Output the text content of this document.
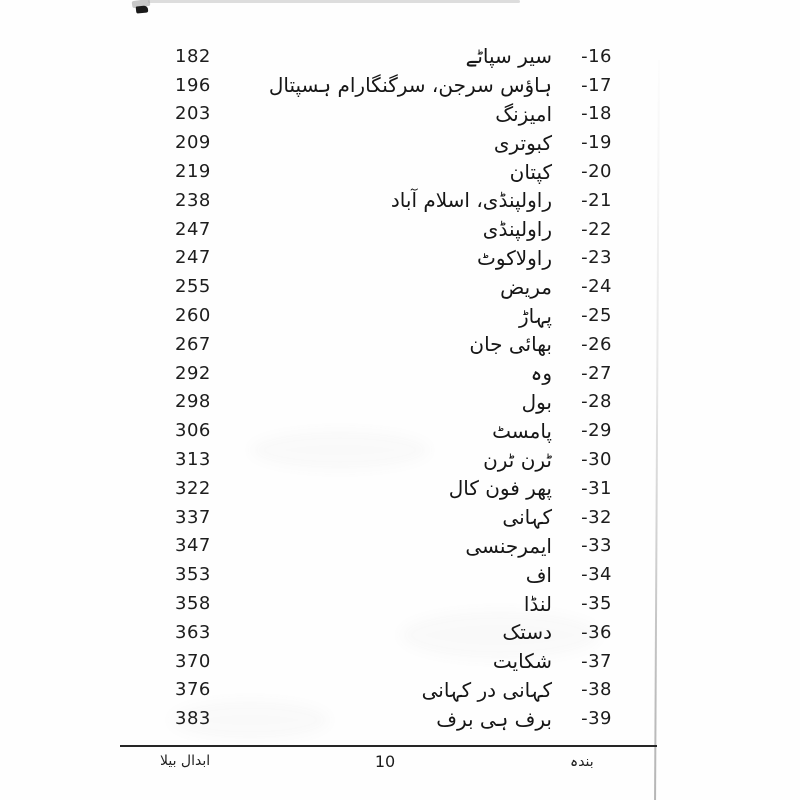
182	سیر سپاٹے	-16
196	ہاؤس سرجن، سرگنگارام ہسپتال	-17
203	امیزنگ	-18
209	کبوتری	-19
219	کپتان	-20
238	راولپنڈی، اسلام آباد	-21
247	راولپنڈی	-22
247	راولاکوٹ	-23
255	مریض	-24
260	پہاڑ	-25
267	بھائی جان	-26
292	وہ	-27
298	بول	-28
306	پامسٹ	-29
313	ٹرن ٹرن	-30
322	پھر فون کال	-31
337	کہانی	-32
347	ایمرجنسی	-33
353	اف	-34
358	لنڈا	-35
363	دستک	-36
370	شکایت	-37
376	کہانی در کہانی	-38
383	برف ہی برف	-39
ابدال بیلا	10	بندہ
